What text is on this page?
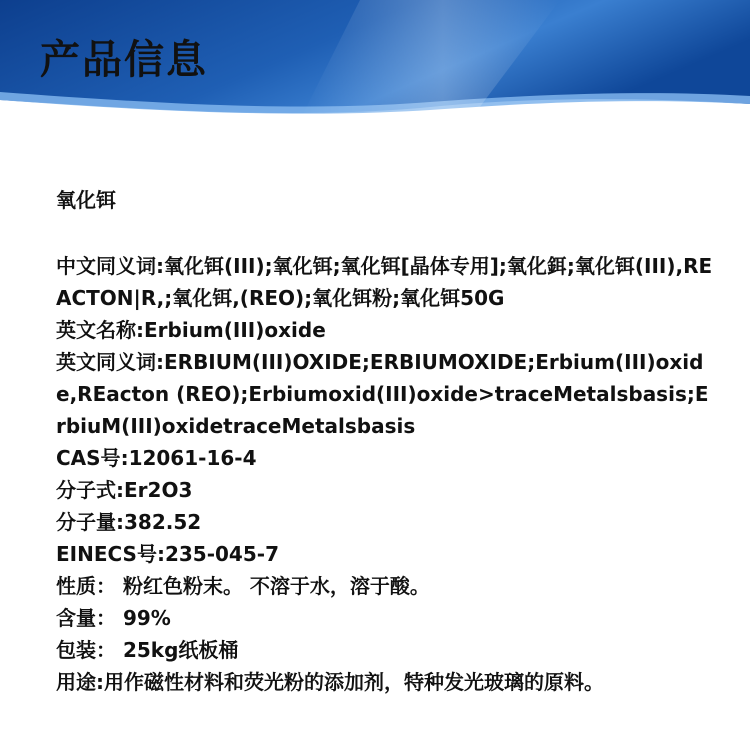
产品信息
氧化铒
中文同义词:氧化铒(III);氧化铒;氧化铒[晶体专用];氧化鉺;氧化铒(III),REACTON|R,;氧化铒,(REO);氧化铒粉;氧化铒50G
英文名称:Erbium(III)oxide
英文同义词:ERBIUM(III)OXIDE;ERBIUMOXIDE;Erbium(III)oxide,REacton (REO);Erbiumoxid(III)oxide>traceMetalsbasis;ErbiuM(III)oxidetraceMetalsbasis
CAS号:12061-16-4
分子式:Er2O3
分子量:382.52
EINECS号:235-045-7
性质： 粉红色粉末。 不溶于水，溶于酸。
含量： 99%
包装： 25kg纸板桶
用途:用作磁性材料和荧光粉的添加剂，特种发光玻璃的原料。
